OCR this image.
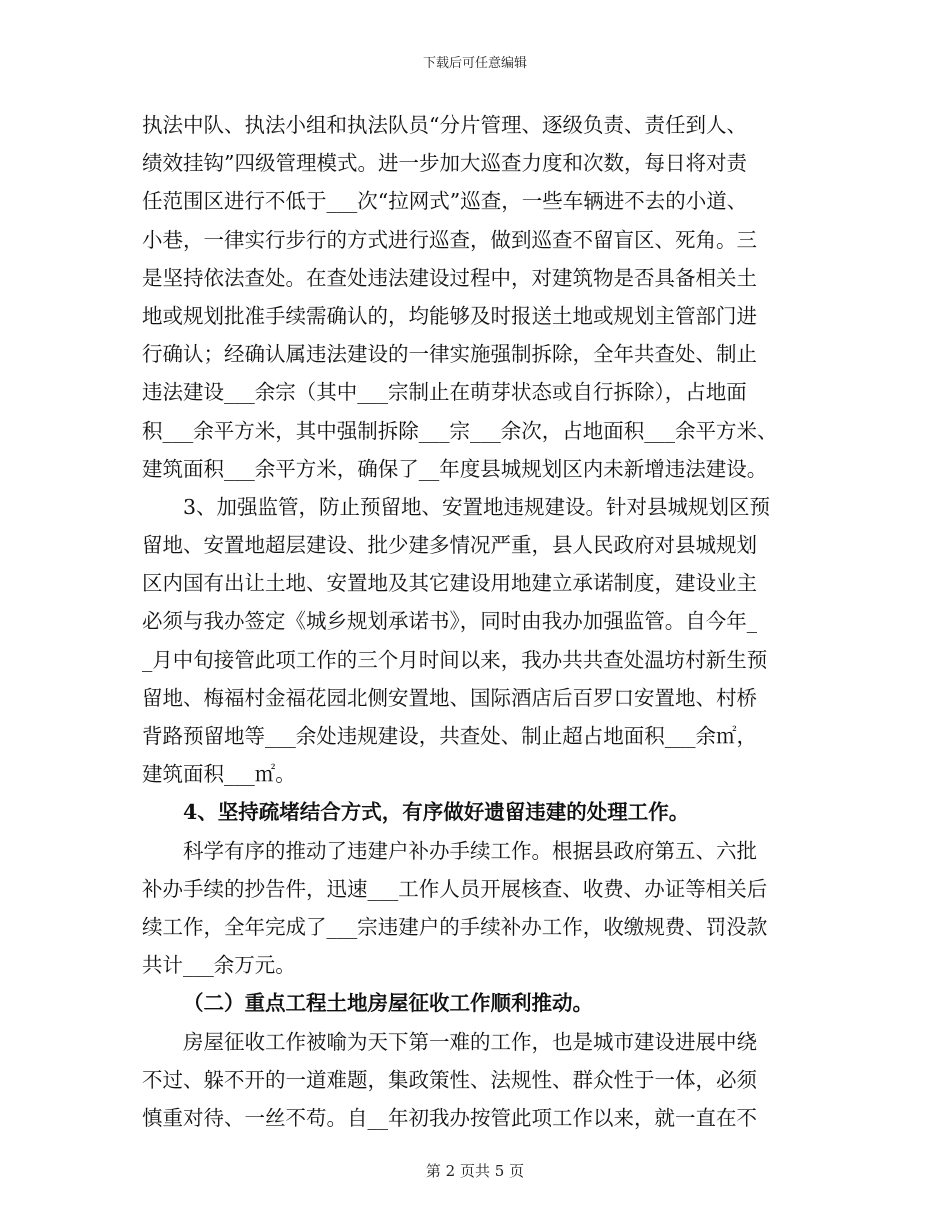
下载后可任意编辑
执法中队、执法小组和执法队员“分片管理、逐级负责、责任到人、
绩效挂钩”四级管理模式。进一步加大巡查力度和次数，每日将对责
任范围区进行不低于___次“拉网式”巡查，一些车辆进不去的小道、
小巷，一律实行步行的方式进行巡查，做到巡查不留盲区、死角。三
是坚持依法查处。在查处违法建设过程中，对建筑物是否具备相关土
地或规划批准手续需确认的，均能够及时报送土地或规划主管部门进
行确认；经确认属违法建设的一律实施强制拆除，全年共查处、制止
违法建设___余宗（其中___宗制止在萌芽状态或自行拆除），占地面
积___余平方米，其中强制拆除___宗___余次，占地面积___余平方米、
建筑面积___余平方米，确保了__年度县城规划区内未新增违法建设。
3、加强监管，防止预留地、安置地违规建设。针对县城规划区预
留地、安置地超层建设、批少建多情况严重，县人民政府对县城规划
区内国有出让土地、安置地及其它建设用地建立承诺制度，建设业主
必须与我办签定《城乡规划承诺书》，同时由我办加强监管。自今年_
_月中旬接管此项工作的三个月时间以来，我办共共查处温坊村新生预
留地、梅福村金福花园北侧安置地、国际酒店后百罗口安置地、村桥
背路预留地等___余处违规建设，共查处、制止超占地面积___余㎡，
建筑面积___㎡。
4、坚持疏堵结合方式，有序做好遗留违建的处理工作。
科学有序的推动了违建户补办手续工作。根据县政府第五、六批
补办手续的抄告件，迅速___工作人员开展核查、收费、办证等相关后
续工作，全年完成了___宗违建户的手续补办工作，收缴规费、罚没款
共计___余万元。
（二）重点工程土地房屋征收工作顺利推动。
房屋征收工作被喻为天下第一难的工作，也是城市建设进展中绕
不过、躲不开的一道难题，集政策性、法规性、群众性于一体，必须
慎重对待、一丝不苟。自__年初我办按管此项工作以来，就一直在不
第 2 页共 5 页
